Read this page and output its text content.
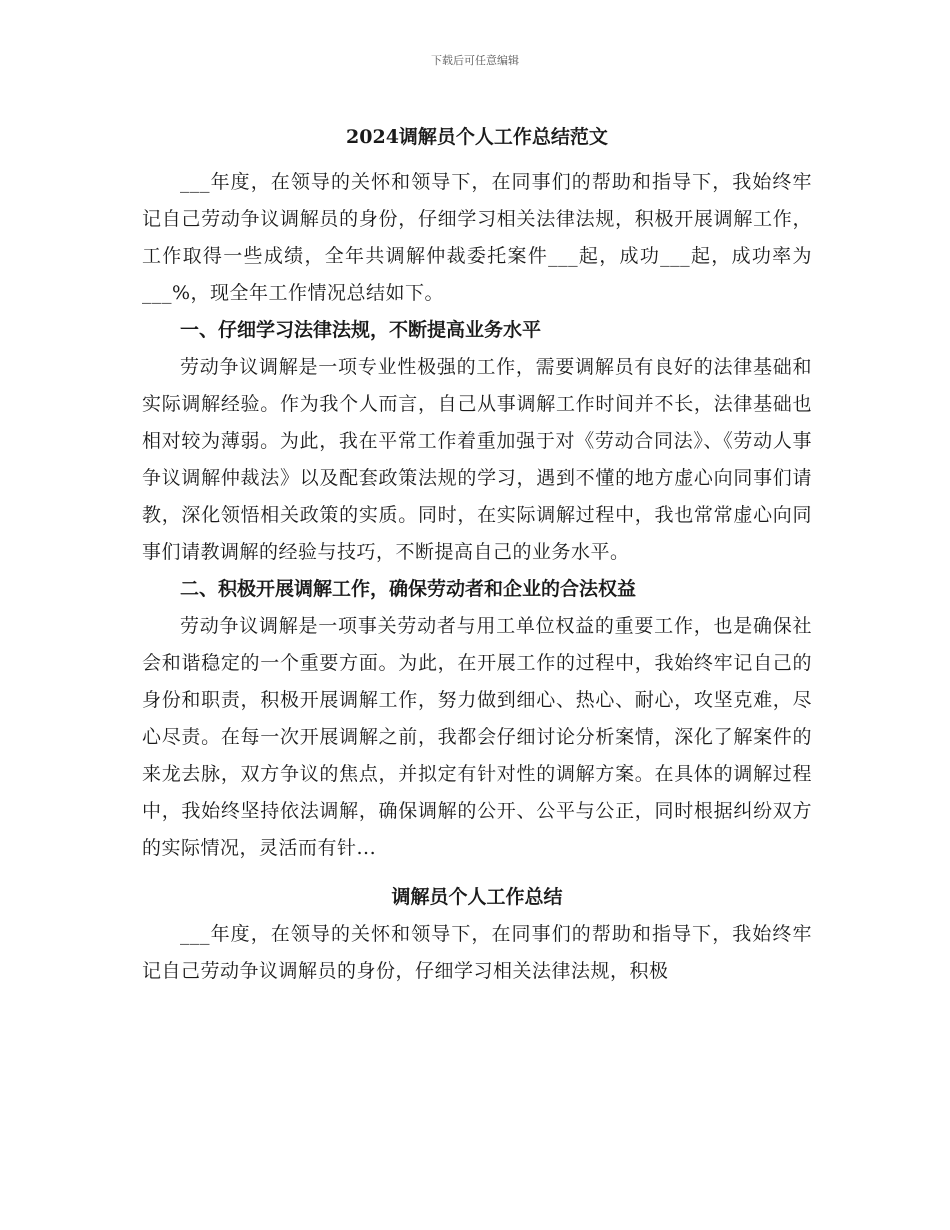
下载后可任意编辑
2024调解员个人工作总结范文

___年度，在领导的关怀和领导下，在同事们的帮助和指导下，我始终牢记自己劳动争议调解员的身份，仔细学习相关法律法规，积极开展调解工作，工作取得一些成绩，全年共调解仲裁委托案件___起，成功___起，成功率为___%，现全年工作情况总结如下。

一、仔细学习法律法规，不断提高业务水平

劳动争议调解是一项专业性极强的工作，需要调解员有良好的法律基础和实际调解经验。作为我个人而言，自己从事调解工作时间并不长，法律基础也相对较为薄弱。为此，我在平常工作着重加强于对《劳动合同法》、《劳动人事争议调解仲裁法》以及配套政策法规的学习，遇到不懂的地方虚心向同事们请教，深化领悟相关政策的实质。同时，在实际调解过程中，我也常常虚心向同事们请教调解的经验与技巧，不断提高自己的业务水平。

二、积极开展调解工作，确保劳动者和企业的合法权益

劳动争议调解是一项事关劳动者与用工单位权益的重要工作，也是确保社会和谐稳定的一个重要方面。为此，在开展工作的过程中，我始终牢记自己的身份和职责，积极开展调解工作，努力做到细心、热心、耐心，攻坚克难，尽心尽责。在每一次开展调解之前，我都会仔细讨论分析案情，深化了解案件的来龙去脉，双方争议的焦点，并拟定有针对性的调解方案。在具体的调解过程中，我始终坚持依法调解，确保调解的公开、公平与公正，同时根据纠纷双方的实际情况，灵活而有针...

调解员个人工作总结

___年度，在领导的关怀和领导下，在同事们的帮助和指导下，我始终牢记自己劳动争议调解员的身份，仔细学习相关法律法规，积极
